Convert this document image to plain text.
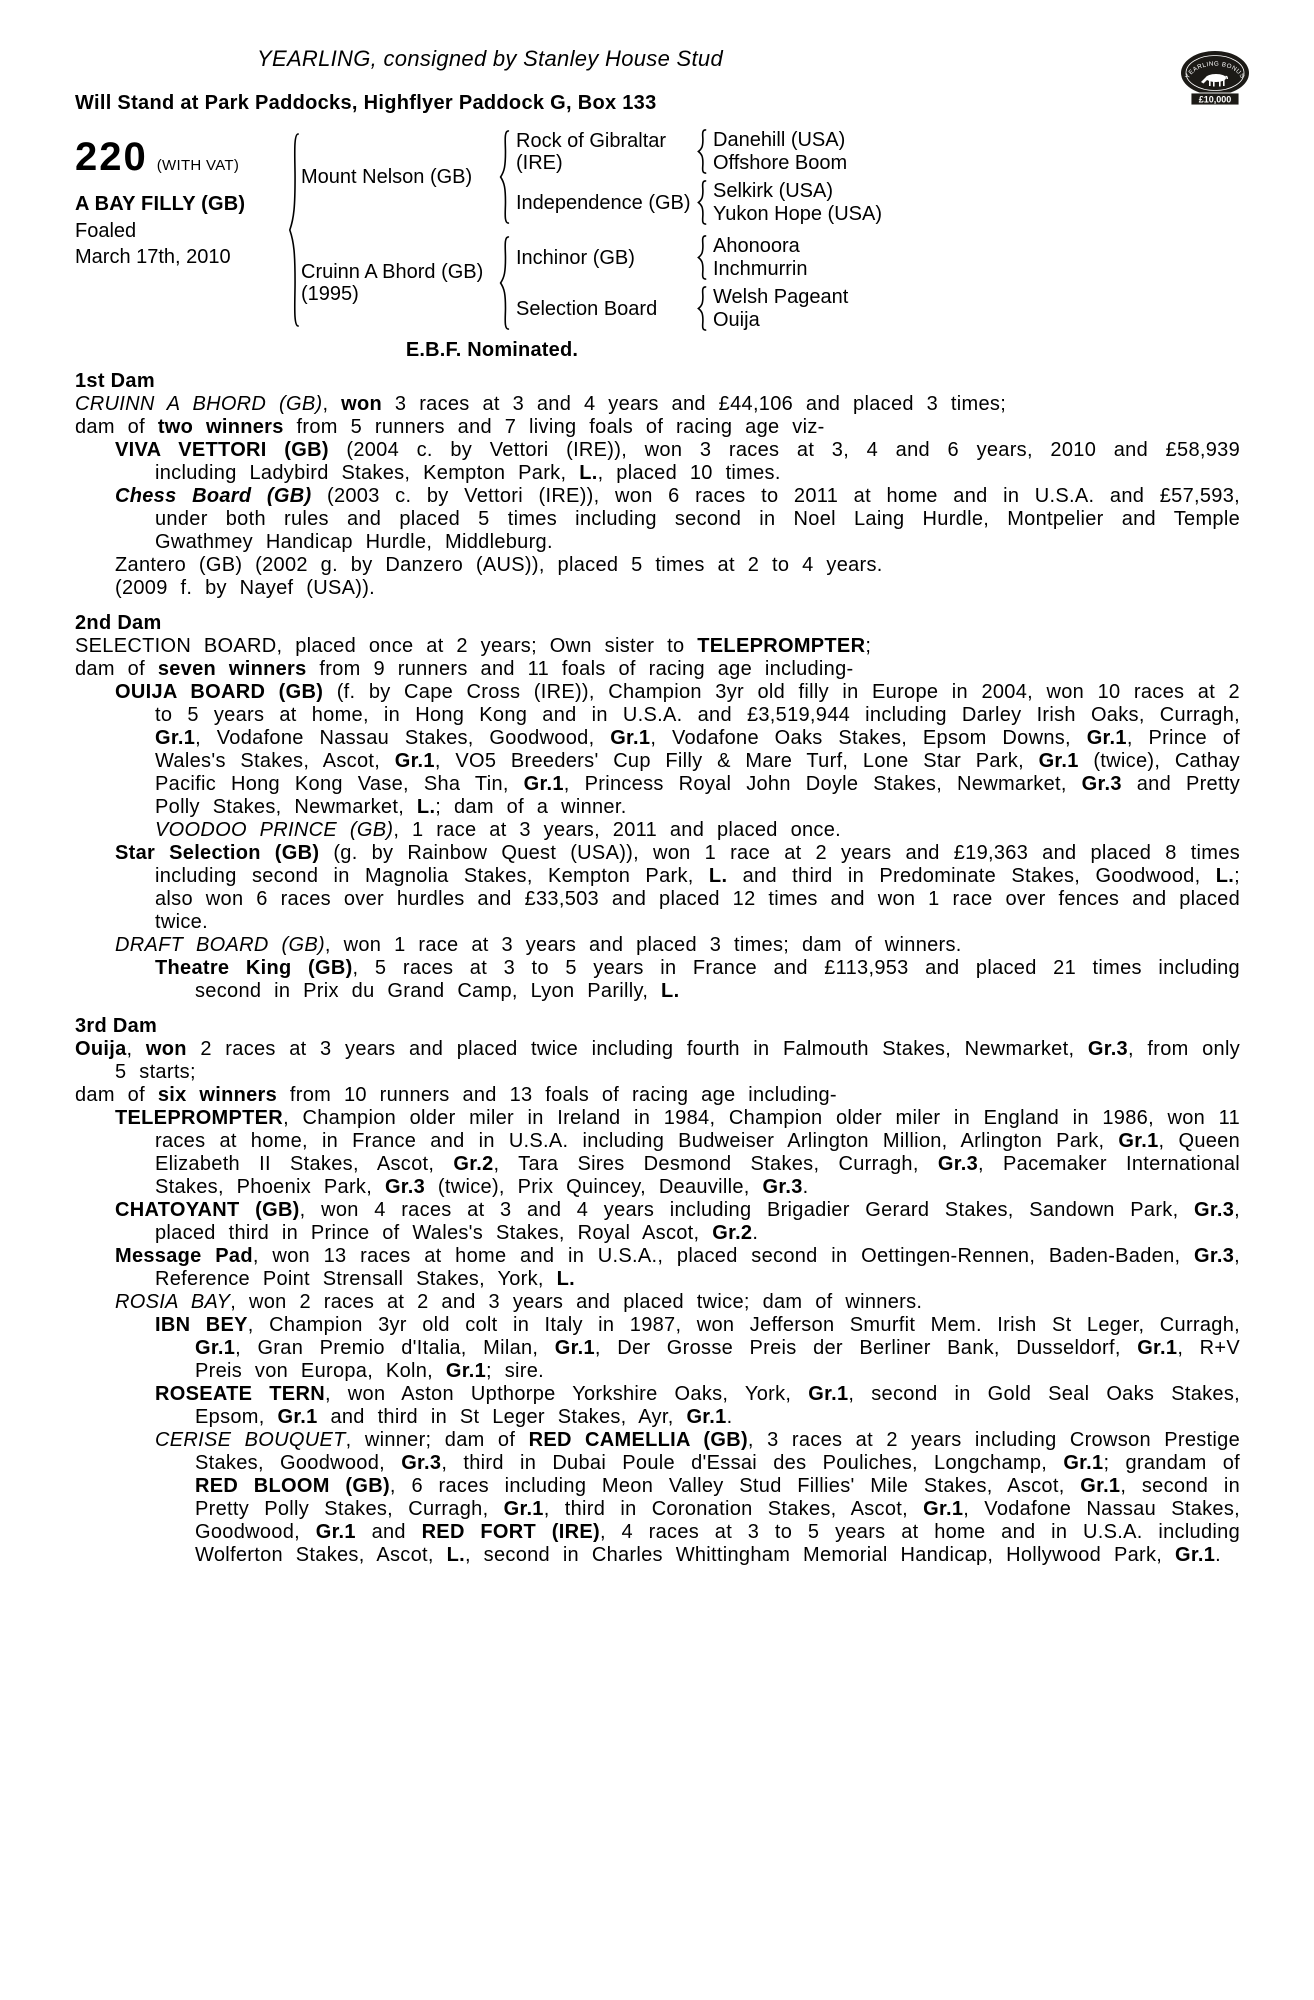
YEARLING BONUS
£10,000
YEARLING, consigned by Stanley House Stud
Will Stand at Park Paddocks, Highflyer Paddock G, Box 133
220 (WITH VAT)
A BAY FILLY (GB)
Foaled
March 17th, 2010
Mount Nelson (GB)
Rock of Gibraltar (IRE)
Danehill (USA)
Offshore Boom
Independence (GB)
Selkirk (USA)
Yukon Hope (USA)
Cruinn A Bhord (GB)
(1995)
Inchinor (GB)
Ahonoora
Inchmurrin
Selection Board
Welsh Pageant
Ouija
E.B.F. Nominated.
1st Dam

CRUINN A BHORD (GB), won 3 races at 3 and 4 years and £44,106 and placed 3 times;

dam of two winners from 5 runners and 7 living foals of racing age viz-

VIVA VETTORI (GB) (2004 c. by Vettori (IRE)), won 3 races at 3, 4 and 6 years, 2010 and £58,939 including Ladybird Stakes, Kempton Park, L., placed 10 times.

Chess Board (GB) (2003 c. by Vettori (IRE)), won 6 races to 2011 at home and in U.S.A. and £57,593, under both rules and placed 5 times including second in Noel Laing Hurdle, Montpelier and Temple Gwathmey Handicap Hurdle, Middleburg.

Zantero (GB) (2002 g. by Danzero (AUS)), placed 5 times at 2 to 4 years.

(2009 f. by Nayef (USA)).

2nd Dam

SELECTION BOARD, placed once at 2 years; Own sister to TELEPROMPTER;

dam of seven winners from 9 runners and 11 foals of racing age including-

OUIJA BOARD (GB) (f. by Cape Cross (IRE)), Champion 3yr old filly in Europe in 2004, won 10 races at 2 to 5 years at home, in Hong Kong and in U.S.A. and £3,519,944 including Darley Irish Oaks, Curragh, Gr.1, Vodafone Nassau Stakes, Goodwood, Gr.1, Vodafone Oaks Stakes, Epsom Downs, Gr.1, Prince of Wales's Stakes, Ascot, Gr.1, VO5 Breeders' Cup Filly & Mare Turf, Lone Star Park, Gr.1 (twice), Cathay Pacific Hong Kong Vase, Sha Tin, Gr.1, Princess Royal John Doyle Stakes, Newmarket, Gr.3 and Pretty Polly Stakes, Newmarket, L.; dam of a winner.

VOODOO PRINCE (GB), 1 race at 3 years, 2011 and placed once.

Star Selection (GB) (g. by Rainbow Quest (USA)), won 1 race at 2 years and £19,363 and placed 8 times including second in Magnolia Stakes, Kempton Park, L. and third in Predominate Stakes, Goodwood, L.; also won 6 races over hurdles and £33,503 and placed 12 times and won 1 race over fences and placed twice.

DRAFT BOARD (GB), won 1 race at 3 years and placed 3 times; dam of winners.

Theatre King (GB), 5 races at 3 to 5 years in France and £113,953 and placed 21 times including second in Prix du Grand Camp, Lyon Parilly, L.

3rd Dam

Ouija, won 2 races at 3 years and placed twice including fourth in Falmouth Stakes, Newmarket, Gr.3, from only 5 starts;

dam of six winners from 10 runners and 13 foals of racing age including-

TELEPROMPTER, Champion older miler in Ireland in 1984, Champion older miler in England in 1986, won 11 races at home, in France and in U.S.A. including Budweiser Arlington Million, Arlington Park, Gr.1, Queen Elizabeth II Stakes, Ascot, Gr.2, Tara Sires Desmond Stakes, Curragh, Gr.3, Pacemaker International Stakes, Phoenix Park, Gr.3 (twice), Prix Quincey, Deauville, Gr.3.

CHATOYANT (GB), won 4 races at 3 and 4 years including Brigadier Gerard Stakes, Sandown Park, Gr.3, placed third in Prince of Wales's Stakes, Royal Ascot, Gr.2.

Message Pad, won 13 races at home and in U.S.A., placed second in Oettingen-Rennen, Baden-Baden, Gr.3, Reference Point Strensall Stakes, York, L.

ROSIA BAY, won 2 races at 2 and 3 years and placed twice; dam of winners.

IBN BEY, Champion 3yr old colt in Italy in 1987, won Jefferson Smurfit Mem. Irish St Leger, Curragh, Gr.1, Gran Premio d'Italia, Milan, Gr.1, Der Grosse Preis der Berliner Bank, Dusseldorf, Gr.1, R+V Preis von Europa, Koln, Gr.1; sire.

ROSEATE TERN, won Aston Upthorpe Yorkshire Oaks, York, Gr.1, second in Gold Seal Oaks Stakes, Epsom, Gr.1 and third in St Leger Stakes, Ayr, Gr.1.

CERISE BOUQUET, winner; dam of RED CAMELLIA (GB), 3 races at 2 years including Crowson Prestige Stakes, Goodwood, Gr.3, third in Dubai Poule d'Essai des Pouliches, Longchamp, Gr.1; grandam of RED BLOOM (GB), 6 races including Meon Valley Stud Fillies' Mile Stakes, Ascot, Gr.1, second in Pretty Polly Stakes, Curragh, Gr.1, third in Coronation Stakes, Ascot, Gr.1, Vodafone Nassau Stakes, Goodwood, Gr.1 and RED FORT (IRE), 4 races at 3 to 5 years at home and in U.S.A. including Wolferton Stakes, Ascot, L., second in Charles Whittingham Memorial Handicap, Hollywood Park, Gr.1.
